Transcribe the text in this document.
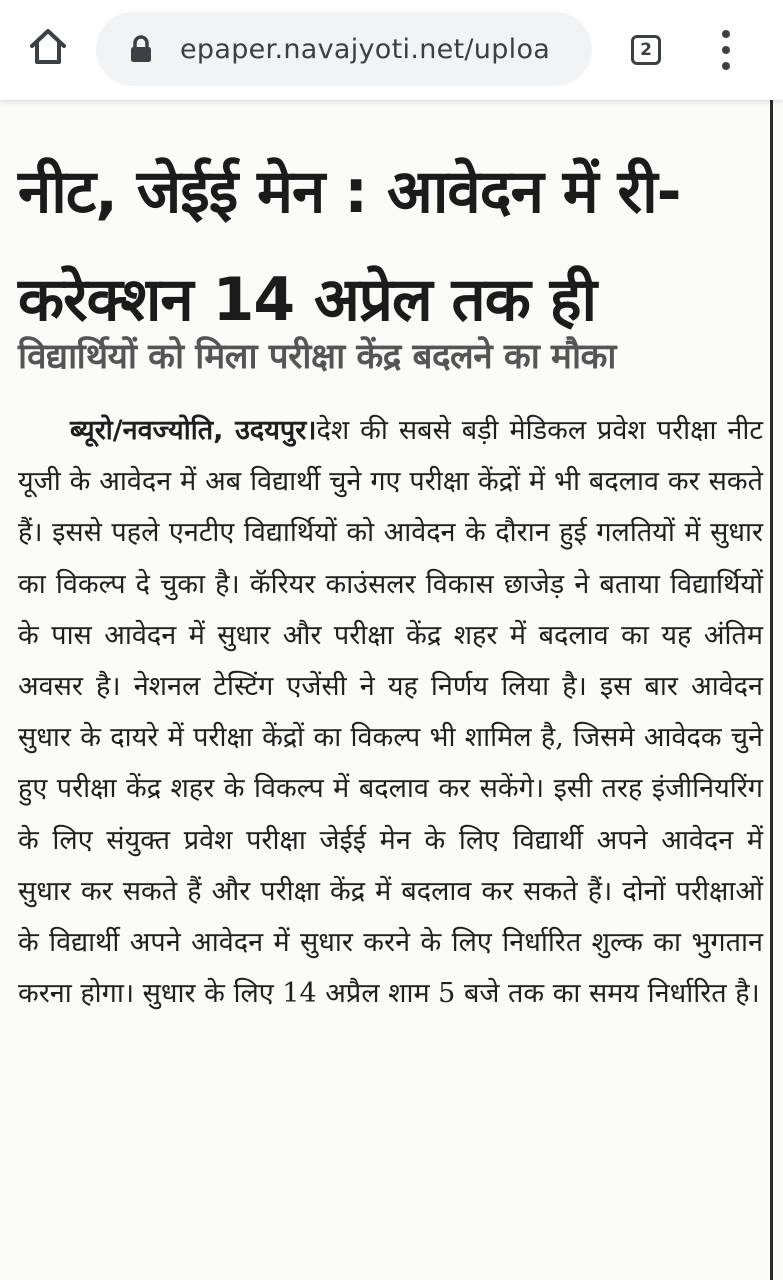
epaper.navajyoti.net/uploa	2
नीट, जेईई मेन : आवेदन में री-करेक्शन 14 अप्रेल तक ही
विद्यार्थियों को मिला परीक्षा केंद्र बदलने का मौका
ब्यूरो/नवज्योति, उदयपुर।देश की सबसे बड़ी मेडिकल प्रवेश परीक्षा नीट यूजी के आवेदन में अब विद्यार्थी चुने गए परीक्षा केंद्रों में भी बदलाव कर सकते हैं। इससे पहले एनटीए विद्यार्थियों को आवेदन के दौरान हुई गलतियों में सुधार का विकल्प दे चुका है। कॅरियर काउंसलर विकास छाजेड़ ने बताया विद्यार्थियों के पास आवेदन में सुधार और परीक्षा केंद्र शहर में बदलाव का यह अंतिम अवसर है। नेशनल टेस्टिंग एजेंसी ने यह निर्णय लिया है। इस बार आवेदन सुधार के दायरे में परीक्षा केंद्रों का विकल्प भी शामिल है, जिसमे आवेदक चुने हुए परीक्षा केंद्र शहर के विकल्प में बदलाव कर सकेंगे। इसी तरह इंजीनियरिंग के लिए संयुक्त प्रवेश परीक्षा जेईई मेन के लिए विद्यार्थी अपने आवेदन में सुधार कर सकते हैं और परीक्षा केंद्र में बदलाव कर सकते हैं। दोनों परीक्षाओं के विद्यार्थी अपने आवेदन में सुधार करने के लिए निर्धारित शुल्क का भुगतान करना होगा। सुधार के लिए 14 अप्रैल शाम 5 बजे तक का समय निर्धारित है।
